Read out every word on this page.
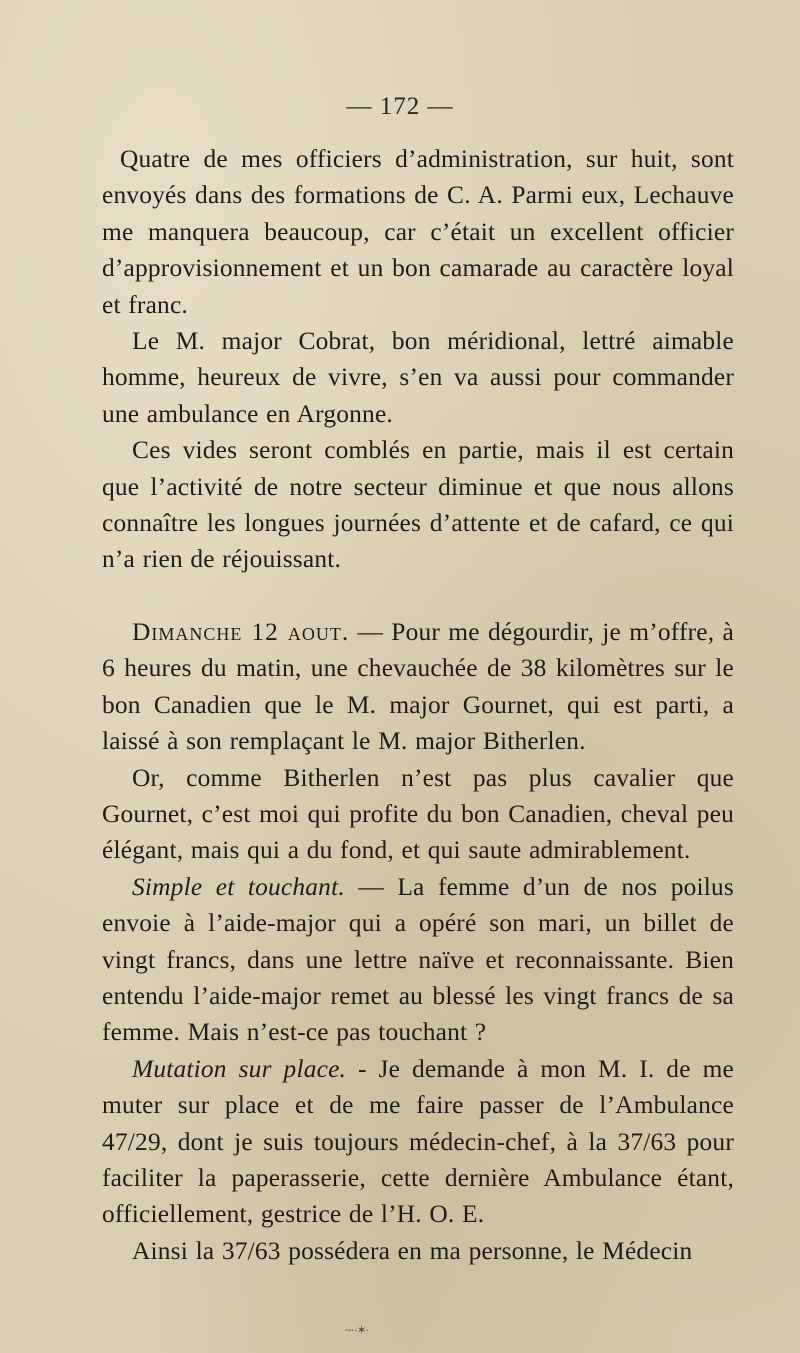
— 172 —

Quatre de mes officiers d’administration, sur huit, sont envoyés dans des formations de C. A. Parmi eux, Lechauve me manquera beaucoup, car c’était un excellent officier d’approvisionnement et un bon camarade au caractère loyal et franc.

Le M. major Cobrat, bon méridional, lettré aimable homme, heureux de vivre, s’en va aussi pour commander une ambulance en Argonne.

Ces vides seront comblés en partie, mais il est certain que l’activité de notre secteur diminue et que nous allons connaître les longues journées d’attente et de cafard, ce qui n’a rien de réjouissant.

Dimanche 12 aout. — Pour me dégourdir, je m’offre, à 6 heures du matin, une chevauchée de 38 kilomètres sur le bon Canadien que le M. major Gournet, qui est parti, a laissé à son remplaçant le M. major Bitherlen.

Or, comme Bitherlen n’est pas plus cavalier que Gournet, c’est moi qui profite du bon Canadien, cheval peu élégant, mais qui a du fond, et qui saute admirablement.

Simple et touchant. — La femme d’un de nos poilus envoie à l’aide-major qui a opéré son mari, un billet de vingt francs, dans une lettre naïve et reconnaissante. Bien entendu l’aide-major remet au blessé les vingt francs de sa femme. Mais n’est-ce pas touchant ?

Mutation sur place. - Je demande à mon M. I. de me muter sur place et de me faire passer de l’Ambulance 47/29, dont je suis toujours médecin-chef, à la 37/63 pour faciliter la paperasserie, cette dernière Ambulance étant, officiellement, gestrice de l’H. O. E.

Ainsi la 37/63 possédera en ma personne, le Médecin

~··✶·
